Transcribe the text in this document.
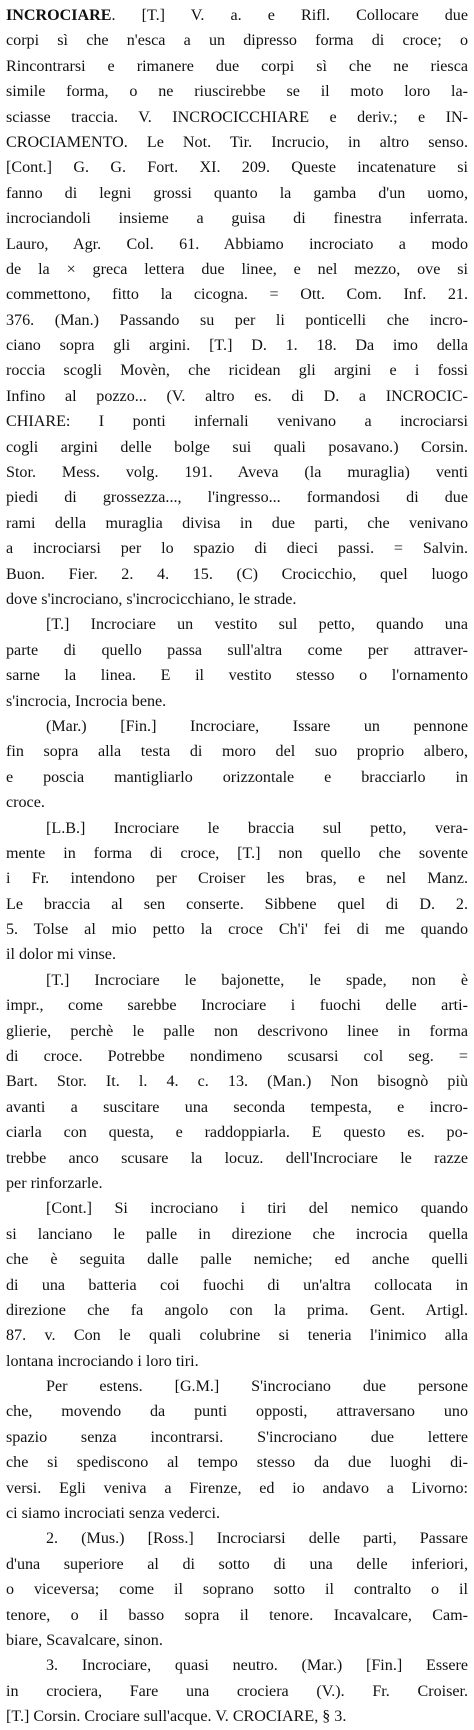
INCROCIARE. [T.] V. a. e Rifl. Collocare due
corpi sì che n'esca a un dipresso forma di croce; o
Rincontrarsi e rimanere due corpi sì che ne riesca
simile forma, o ne riuscirebbe se il moto loro la-
sciasse traccia. V. INCROCICCHIARE e deriv.; e IN-
CROCIAMENTO. Le Not. Tir. Incrucio, in altro senso.
[Cont.] G. G. Fort. XI. 209. Queste incatenature si
fanno di legni grossi quanto la gamba d'un uomo,
incrociandoli insieme a guisa di finestra inferrata.
Lauro, Agr. Col. 61. Abbiamo incrociato a modo
de la × greca lettera due linee, e nel mezzo, ove si
commettono, fitto la cicogna. = Ott. Com. Inf. 21.
376. (Man.) Passando su per li ponticelli che incro-
ciano sopra gli argini. [T.] D. 1. 18. Da imo della
roccia scogli Movèn, che ricidean gli argini e i fossi
Infino al pozzo... (V. altro es. di D. a INCROCIC-
CHIARE: I ponti infernali venivano a incrociarsi
cogli argini delle bolge sui quali posavano.) Corsin.
Stor. Mess. volg. 191. Aveva (la muraglia) venti
piedi di grossezza..., l'ingresso... formandosi di due
rami della muraglia divisa in due parti, che venivano
a incrociarsi per lo spazio di dieci passi. = Salvin.
Buon. Fier. 2. 4. 15. (C) Crocicchio, quel luogo
dove s'incrociano, s'incrocicchiano, le strade.
[T.] Incrociare un vestito sul petto, quando una
parte di quello passa sull'altra come per attraver-
sarne la linea. E il vestito stesso o l'ornamento
s'incrocia, Incrocia bene.
(Mar.) [Fin.] Incrociare, Issare un pennone
fin sopra alla testa di moro del suo proprio albero,
e poscia mantigliarlo orizzontale e bracciarlo in
croce.
[L.B.] Incrociare le braccia sul petto, vera-
mente in forma di croce, [T.] non quello che sovente
i Fr. intendono per Croiser les bras, e nel Manz.
Le braccia al sen conserte. Sibbene quel di D. 2.
5. Tolse al mio petto la croce Ch'i' fei di me quando
il dolor mi vinse.
[T.] Incrociare le bajonette, le spade, non è
impr., come sarebbe Incrociare i fuochi delle arti-
glierie, perchè le palle non descrivono linee in forma
di croce. Potrebbe nondimeno scusarsi col seg. =
Bart. Stor. It. l. 4. c. 13. (Man.) Non bisognò più
avanti a suscitare una seconda tempesta, e incro-
ciarla con questa, e raddoppiarla. E questo es. po-
trebbe anco scusare la locuz. dell'Incrociare le razze
per rinforzarle.
[Cont.] Si incrociano i tiri del nemico quando
si lanciano le palle in direzione che incrocia quella
che è seguita dalle palle nemiche; ed anche quelli
di una batteria coi fuochi di un'altra collocata in
direzione che fa angolo con la prima. Gent. Artigl.
87. v. Con le quali colubrine si teneria l'inimico alla
lontana incrociando i loro tiri.
Per estens. [G.M.] S'incrociano due persone
che, movendo da punti opposti, attraversano uno
spazio senza incontrarsi. S'incrociano due lettere
che si spediscono al tempo stesso da due luoghi di-
versi. Egli veniva a Firenze, ed io andavo a Livorno:
ci siamo incrociati senza vederci.
2. (Mus.) [Ross.] Incrociarsi delle parti, Passare
d'una superiore al di sotto di una delle inferiori,
o viceversa; come il soprano sotto il contralto o il
tenore, o il basso sopra il tenore. Incavalcare, Cam-
biare, Scavalcare, sinon.
3. Incrociare, quasi neutro. (Mar.) [Fin.] Essere
in crociera, Fare una crociera (V.). Fr. Croiser.
[T.] Corsin. Crociare sull'acque. V. CROCIARE, § 3.
